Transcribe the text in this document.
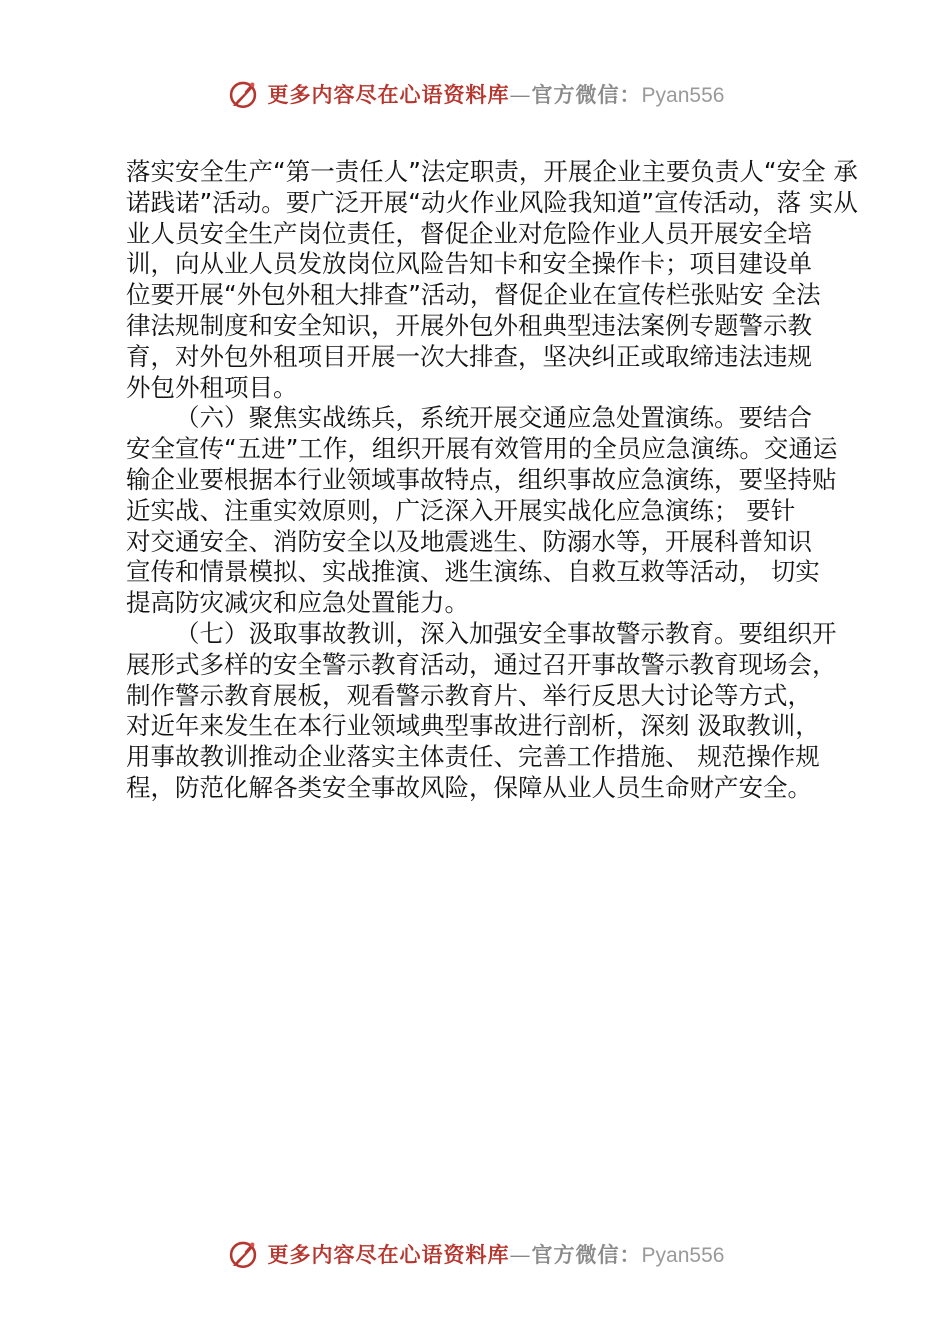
更多内容尽在心语资料库—官方微信：Pyan556
落实安全生产“第一责任人”法定职责，开展企业主要负责人“安全 承
诺践诺”活动。要广泛开展“动火作业风险我知道”宣传活动，落 实从
业人员安全生产岗位责任，督促企业对危险作业人员开展安全培
训，向从业人员发放岗位风险告知卡和安全操作卡；项目建设单
位要开展“外包外租大排查”活动，督促企业在宣传栏张贴安 全法
律法规制度和安全知识，开展外包外租典型违法案例专题警示教
育，对外包外租项目开展一次大排查，坚决纠正或取缔违法违规
外包外租项目。
（六）聚焦实战练兵，系统开展交通应急处置演练。要结合
安全宣传“五进”工作，组织开展有效管用的全员应急演练。交通运
输企业要根据本行业领域事故特点，组织事故应急演练，要坚持贴
近实战、注重实效原则，广泛深入开展实战化应急演练； 要针
对交通安全、消防安全以及地震逃生、防溺水等，开展科普知识
宣传和情景模拟、实战推演、逃生演练、自救互救等活动， 切实
提高防灾减灾和应急处置能力。
（七）汲取事故教训，深入加强安全事故警示教育。要组织开
展形式多样的安全警示教育活动，通过召开事故警示教育现场会，
制作警示教育展板，观看警示教育片、举行反思大讨论等方式，
对近年来发生在本行业领域典型事故进行剖析，深刻 汲取教训，
用事故教训推动企业落实主体责任、完善工作措施、 规范操作规
程，防范化解各类安全事故风险，保障从业人员生命财产安全。
更多内容尽在心语资料库—官方微信：Pyan556
